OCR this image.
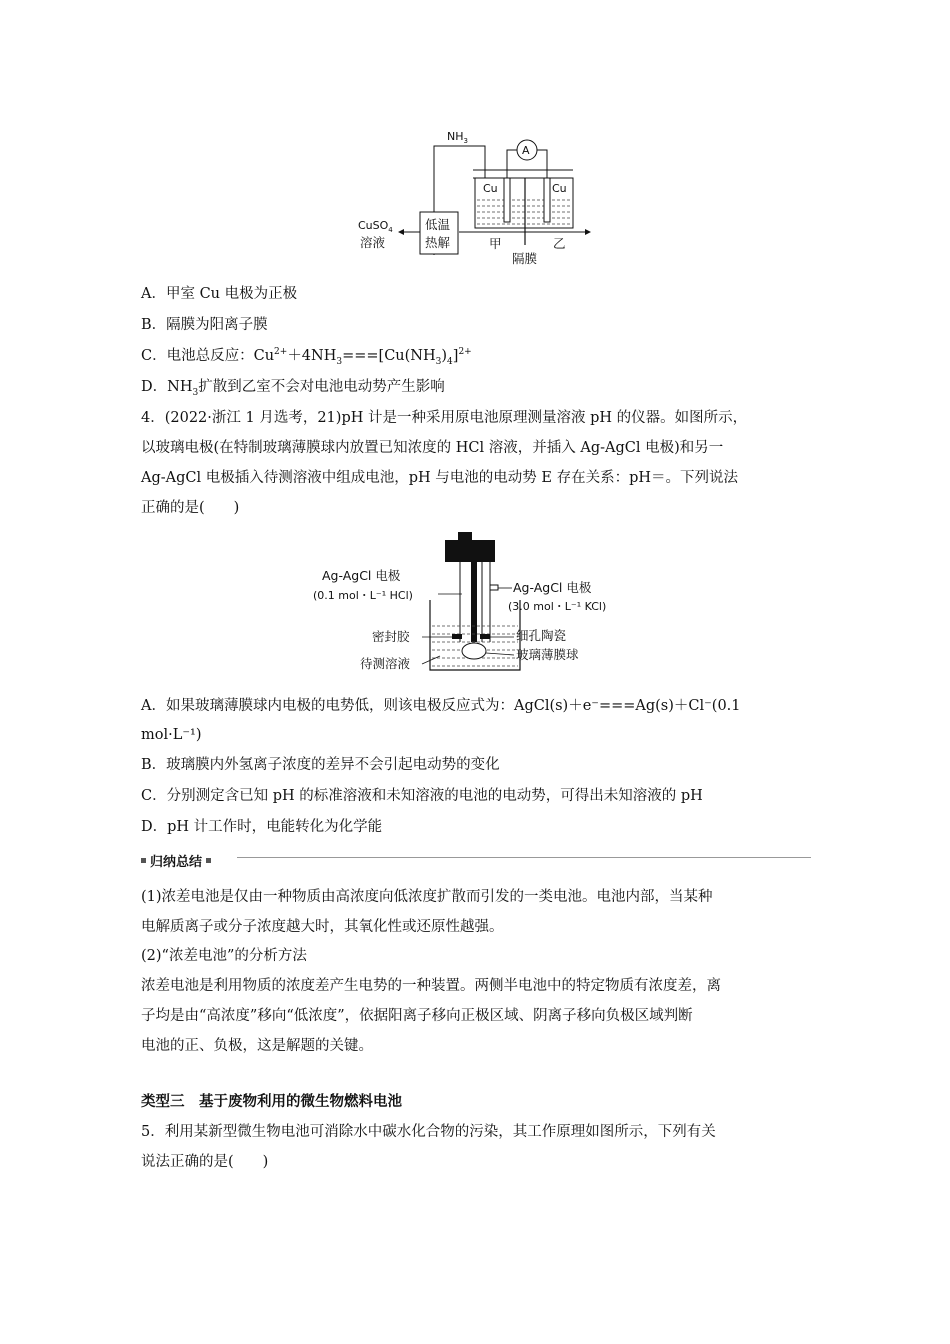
$NH_3$
A
Cu	Cu
低温
热解
CuSO$_4$
溶液	甲	乙
隔膜
A．甲室 Cu 电极为正极
B．隔膜为阳离子膜
C．电池总反应：$Cu^{2+}+4NH_3===[Cu(NH_3)_4]^{2+}$
D．$NH_3$扩散到乙室不会对电池电动势产生影响
4．(2022·浙江 1 月选考，21)pH 计是一种采用原电池原理测量溶液 pH 的仪器。如图所示，
以玻璃电极(在特制玻璃薄膜球内放置已知浓度的 HCl 溶液，并插入 Ag-AgCl 电极)和另一
Ag-AgCl 电极插入待测溶液中组成电池，pH 与电池的电动势 E 存在关系：pH＝。下列说法
正确的是(　　)
Ag-AgCl 电极
(0.1 mol・L⁻¹ HCl)
密封胶
待测溶液
Ag-AgCl 电极
(3.0 mol・L⁻¹ KCl)
细孔陶瓷
玻璃薄膜球
A．如果玻璃薄膜球内电极的电势低，则该电极反应式为：AgCl(s)＋e⁻===Ag(s)＋Cl⁻(0.1
mol·L⁻¹)
B．玻璃膜内外氢离子浓度的差异不会引起电动势的变化
C．分别测定含已知 pH 的标准溶液和未知溶液的电池的电动势，可得出未知溶液的 pH
D．pH 计工作时，电能转化为化学能
归纳总结
(1)浓差电池是仅由一种物质由高浓度向低浓度扩散而引发的一类电池。电池内部，当某种
电解质离子或分子浓度越大时，其氧化性或还原性越强。
(2)“浓差电池”的分析方法
浓差电池是利用物质的浓度差产生电势的一种装置。两侧半电池中的特定物质有浓度差，离
子均是由“高浓度”移向“低浓度”，依据阳离子移向正极区域、阴离子移向负极区域判断
电池的正、负极，这是解题的关键。
类型三　基于废物利用的微生物燃料电池
5．利用某新型微生物电池可消除水中碳水化合物的污染，其工作原理如图所示，下列有关
说法正确的是(　　)
